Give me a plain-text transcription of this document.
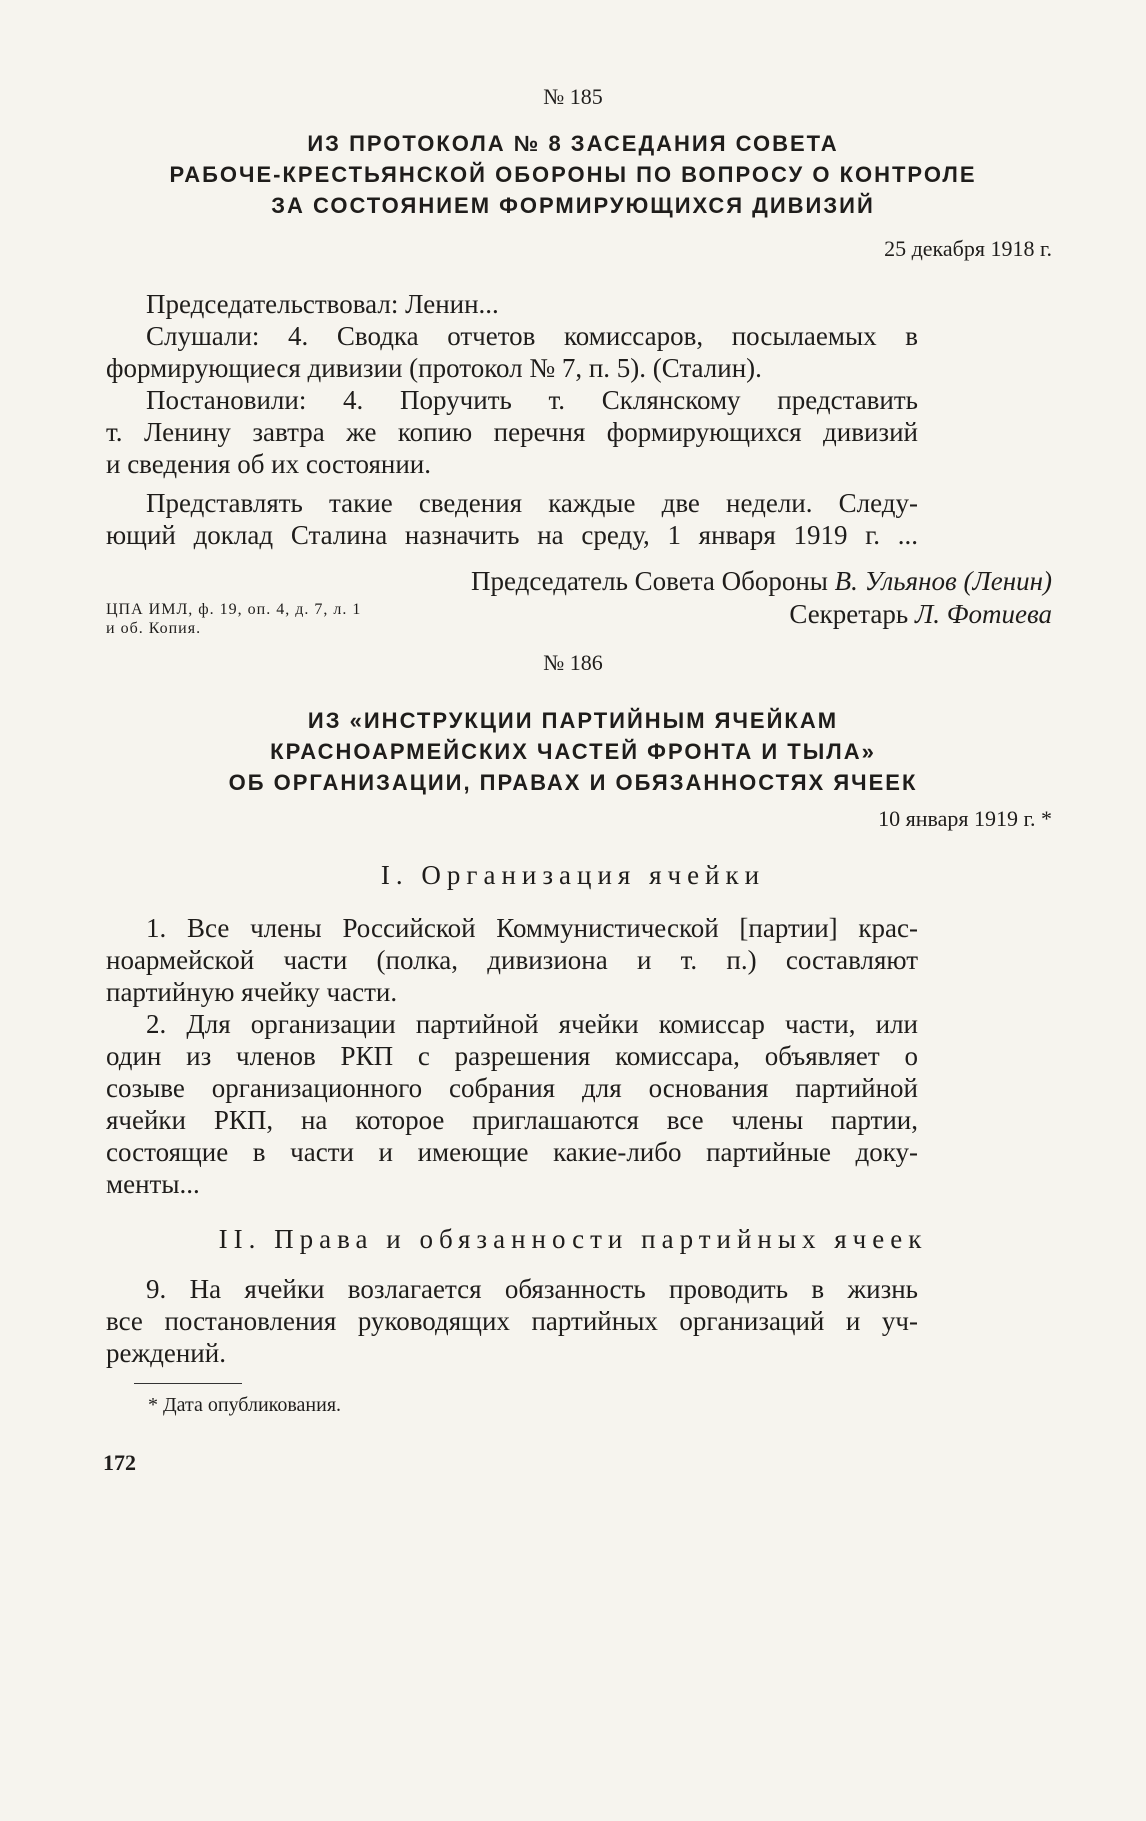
№ 185
ИЗ ПРОТОКОЛА № 8 ЗАСЕДАНИЯ СОВЕТА
РАБОЧЕ-КРЕСТЬЯНСКОЙ ОБОРОНЫ ПО ВОПРОСУ О КОНТРОЛЕ
ЗА СОСТОЯНИЕМ ФОРМИРУЮЩИХСЯ ДИВИЗИЙ
25 декабря 1918 г.
Председательствовал: Ленин...
Слушали: 4. Сводка отчетов комиссаров, посылаемых в
формирующиеся дивизии (протокол № 7, п. 5). (Сталин).
Постановили: 4. Поручить т. Склянскому представить
т. Ленину завтра же копию перечня формирующихся дивизий
и сведения об их состоянии.
Представлять такие сведения каждые две недели. Следу-
ющий доклад Сталина назначить на среду, 1 января 1919 г. ...
Председатель Совета Обороны В. Ульянов (Ленин)
Секретарь Л. Фотиева
ЦПА ИМЛ, ф. 19, оп. 4, д. 7, л. 1
и об. Копия.
№ 186
ИЗ «ИНСТРУКЦИИ ПАРТИЙНЫМ ЯЧЕЙКАМ
КРАСНОАРМЕЙСКИХ ЧАСТЕЙ ФРОНТА И ТЫЛА»
ОБ ОРГАНИЗАЦИИ, ПРАВАХ И ОБЯЗАННОСТЯХ ЯЧЕЕК
10 января 1919 г. *
I. Организация ячейки
1. Все члены Российской Коммунистической [партии] крас-
ноармейской части (полка, дивизиона и т. п.) составляют
партийную ячейку части.
2. Для организации партийной ячейки комиссар части, или
один из членов РКП с разрешения комиссара, объявляет о
созыве организационного собрания для основания партийной
ячейки РКП, на которое приглашаются все члены партии,
состоящие в части и имеющие какие-либо партийные доку-
менты...
II. Права и обязанности партийных ячеек
9. На ячейки возлагается обязанность проводить в жизнь
все постановления руководящих партийных организаций и уч-
реждений.
* Дата опубликования.
172
